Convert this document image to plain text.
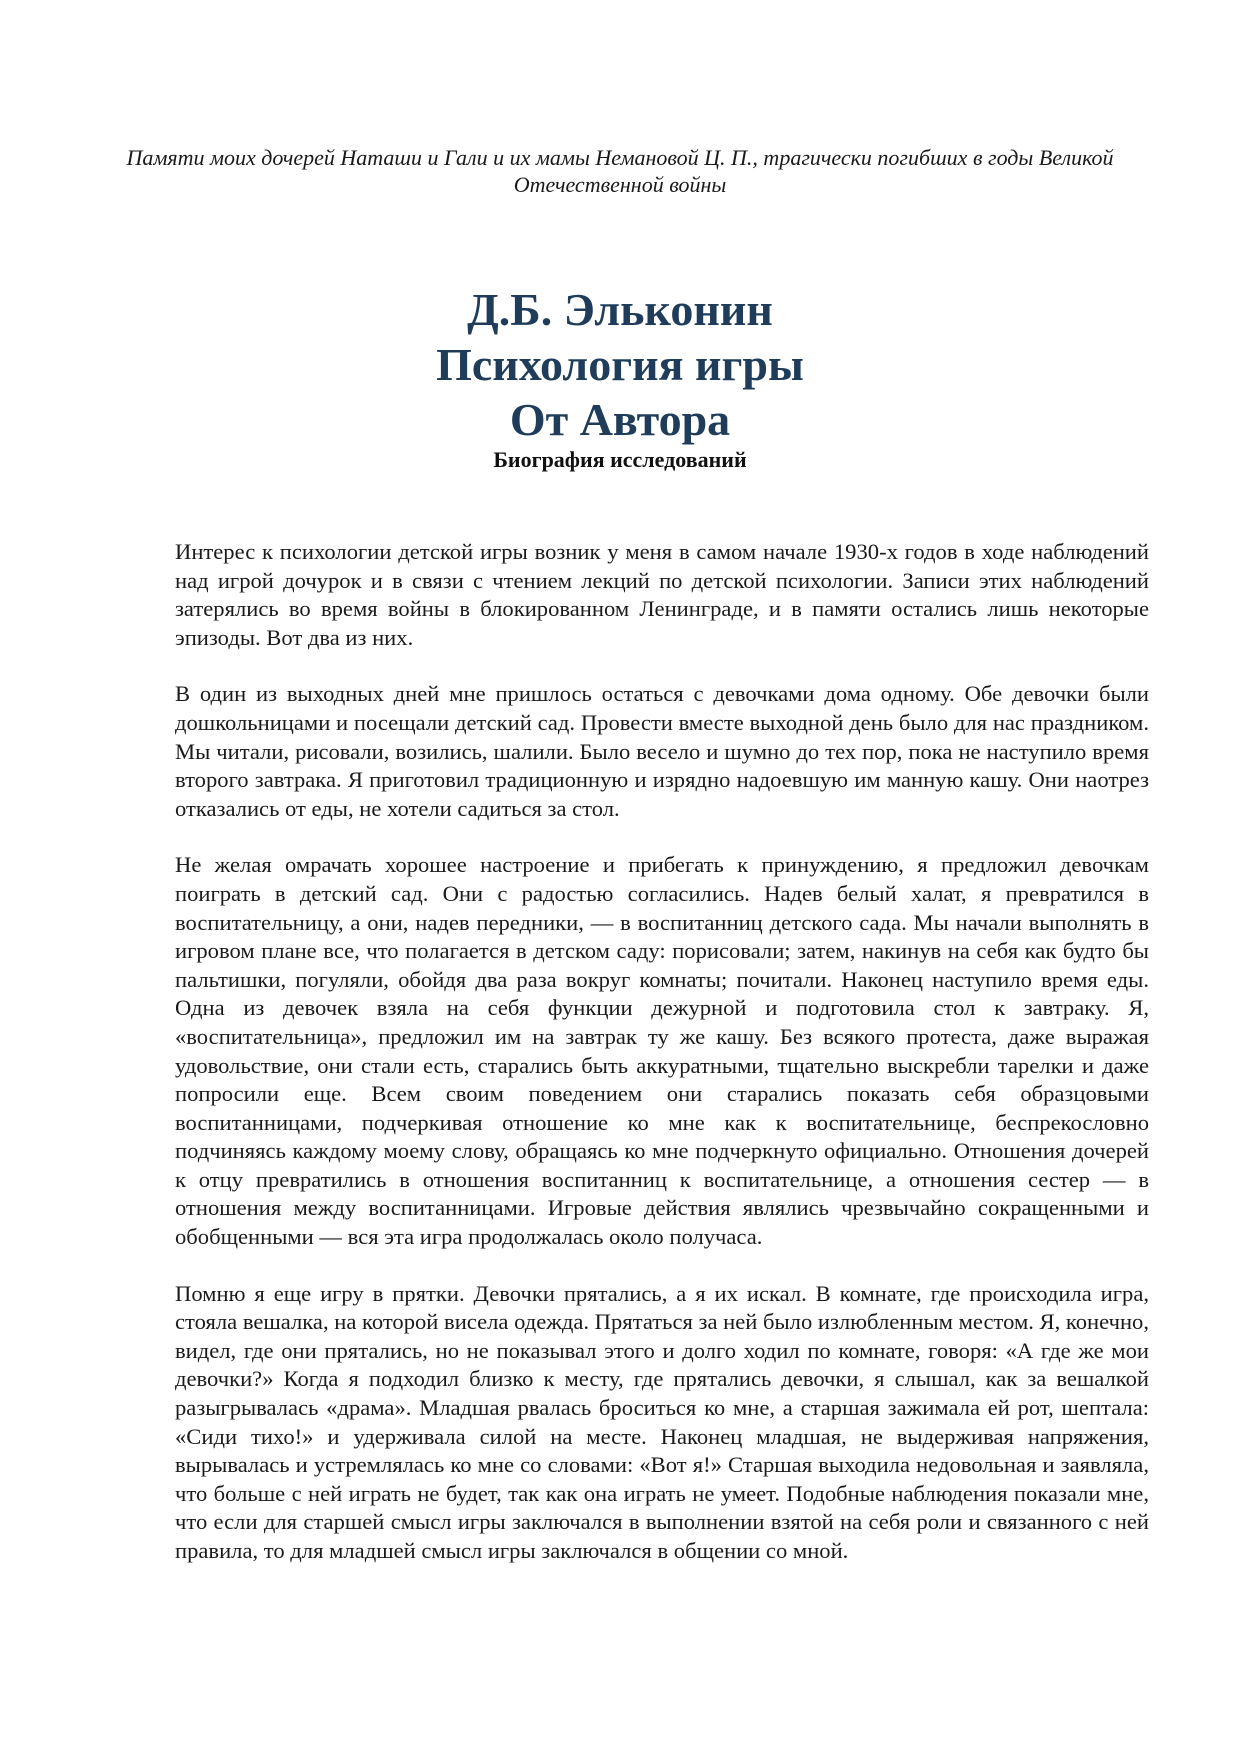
Памяти моих дочерей Наташи и Гали и их мамы Немановой Ц. П., трагически погибших в годы Великой Отечественной войны
Д.Б. Эльконин
Психология игры
От Автора
Биография исследований

Интерес к психологии детской игры возник у меня в самом начале 1930-х годов в ходе наблюдений над игрой дочурок и в связи с чтением лекций по детской психологии. Записи этих наблюдений затерялись во время войны в блокированном Ленинграде, и в памяти остались лишь некоторые эпизоды. Вот два из них.

В один из выходных дней мне пришлось остаться с девочками дома одному. Обе девочки были дошкольницами и посещали детский сад. Провести вместе выходной день было для нас праздником. Мы читали, рисовали, возились, шалили. Было весело и шумно до тех пор, пока не наступило время второго завтрака. Я приготовил традиционную и изрядно надоевшую им манную кашу. Они наотрез отказались от еды, не хотели садиться за стол.

Не желая омрачать хорошее настроение и прибегать к принуждению, я предложил девочкам поиграть в детский сад. Они с радостью согласились. Надев белый халат, я превратился в воспитательницу, а они, надев передники, — в воспитанниц детского сада. Мы начали выполнять в игровом плане все, что полагается в детском саду: порисовали; затем, накинув на себя как будто бы пальтишки, погуляли, обойдя два раза вокруг комнаты; почитали. Наконец наступило время еды. Одна из девочек взяла на себя функции дежурной и подготовила стол к завтраку. Я, «воспитательница», предложил им на завтрак ту же кашу. Без всякого протеста, даже выражая удовольствие, они стали есть, старались быть аккуратными, тщательно выскребли тарелки и даже попросили еще. Всем своим поведением они старались показать себя образцовыми воспитанницами, подчеркивая отношение ко мне как к воспитательнице, беспрекословно подчиняясь каждому моему слову, обращаясь ко мне подчеркнуто официально. Отношения дочерей к отцу превратились в отношения воспитанниц к воспитательнице, а отношения сестер — в отношения между воспитанницами. Игровые действия являлись чрезвычайно сокращенными и обобщенными — вся эта игра продолжалась около получаса.

Помню я еще игру в прятки. Девочки прятались, а я их искал. В комнате, где происходила игра, стояла вешалка, на которой висела одежда. Прятаться за ней было излюбленным местом. Я, конечно, видел, где они прятались, но не показывал этого и долго ходил по комнате, говоря: «А где же мои девочки?» Когда я подходил близко к месту, где прятались девочки, я слышал, как за вешалкой разыгрывалась «драма». Младшая рвалась броситься ко мне, а старшая зажимала ей рот, шептала: «Сиди тихо!» и удерживала силой на месте. Наконец младшая, не выдерживая напряжения, вырывалась и устремлялась ко мне со словами: «Вот я!» Старшая выходила недовольная и заявляла, что больше с ней играть не будет, так как она играть не умеет. Подобные наблюдения показали мне, что если для старшей смысл игры заключался в выполнении взятой на себя роли и связанного с ней правила, то для младшей смысл игры заключался в общении со мной.
